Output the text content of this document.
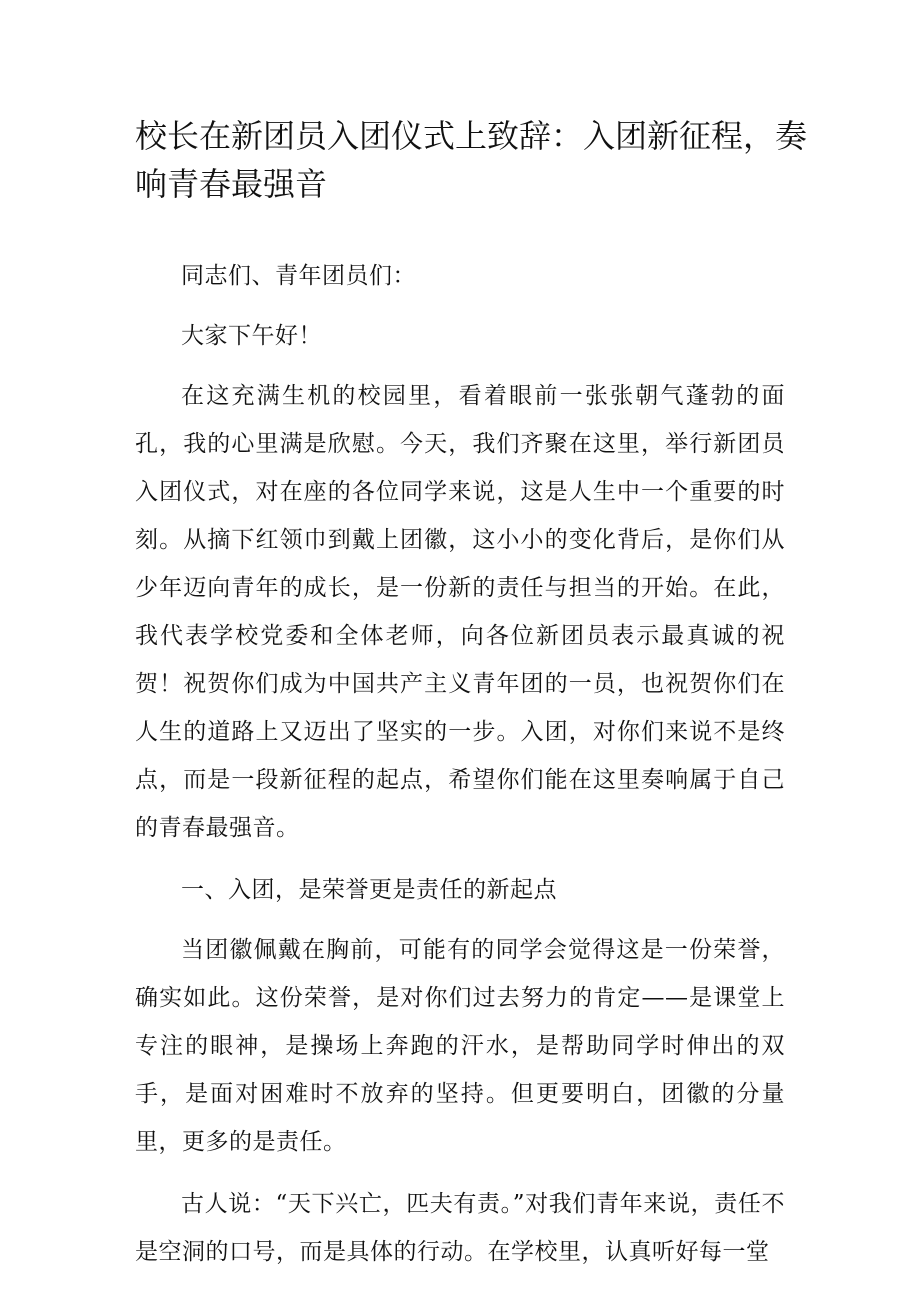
校长在新团员入团仪式上致辞：入团新征程，奏响青春最强音

同志们、青年团员们：

大家下午好！

在这充满生机的校园里，看着眼前一张张朝气蓬勃的面孔，我的心里满是欣慰。今天，我们齐聚在这里，举行新团员入团仪式，对在座的各位同学来说，这是人生中一个重要的时刻。从摘下红领巾到戴上团徽，这小小的变化背后，是你们从少年迈向青年的成长，是一份新的责任与担当的开始。在此，我代表学校党委和全体老师，向各位新团员表示最真诚的祝贺！祝贺你们成为中国共产主义青年团的一员，也祝贺你们在人生的道路上又迈出了坚实的一步。入团，对你们来说不是终点，而是一段新征程的起点，希望你们能在这里奏响属于自己的青春最强音。

一、入团，是荣誉更是责任的新起点

当团徽佩戴在胸前，可能有的同学会觉得这是一份荣誉，确实如此。这份荣誉，是对你们过去努力的肯定——是课堂上专注的眼神，是操场上奔跑的汗水，是帮助同学时伸出的双手，是面对困难时不放弃的坚持。但更要明白，团徽的分量里，更多的是责任。

古人说：“天下兴亡，匹夫有责。”对我们青年来说，责任不是空洞的口号，而是具体的行动。在学校里，认真听好每一堂
